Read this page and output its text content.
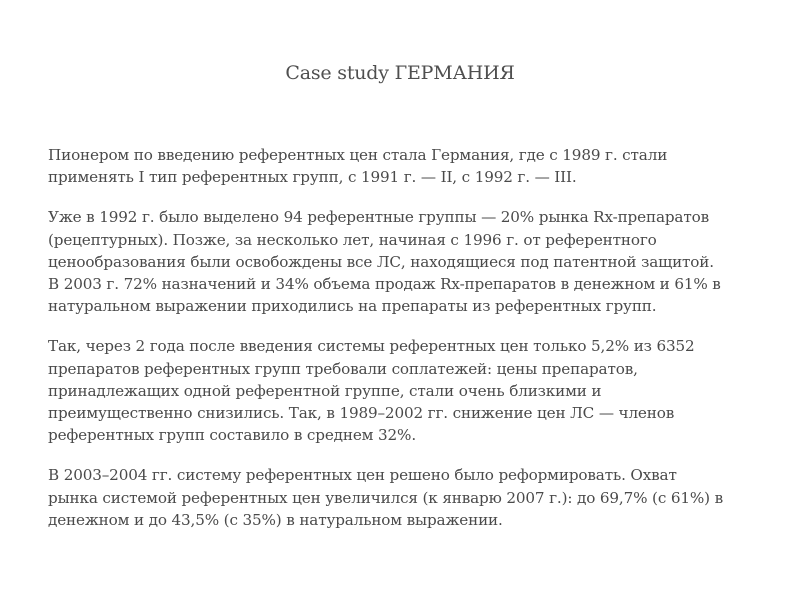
Case study ГЕРМАНИЯ

Пионером по введению референтных цен стала Германия, где с 1989 г. стали
применять I тип референтных групп, с 1991 г. — II, с 1992 г. — III.

Уже в 1992 г. было выделено 94 референтные группы — 20% рынка Rx-препаратов
(рецептурных). Позже, за несколько лет, начиная с 1996 г. от референтного
ценообразования были освобождены все ЛС, находящиеся под патентной защитой.
В 2003 г. 72% назначений и 34% объема продаж Rx-препаратов в денежном и 61% в
натуральном выражении приходились на препараты из референтных групп.

Так, через 2 года после введения системы референтных цен только 5,2% из 6352
препаратов референтных групп требовали соплатежей: цены препаратов,
принадлежащих одной референтной группе, стали очень близкими и
преимущественно снизились. Так, в 1989–2002 гг. снижение цен ЛС — членов
референтных групп составило в среднем 32%.

В 2003–2004 гг. систему референтных цен решено было реформировать. Охват
рынка системой референтных цен увеличился (к январю 2007 г.): до 69,7% (с 61%) в
денежном и до 43,5% (с 35%) в натуральном выражении.
